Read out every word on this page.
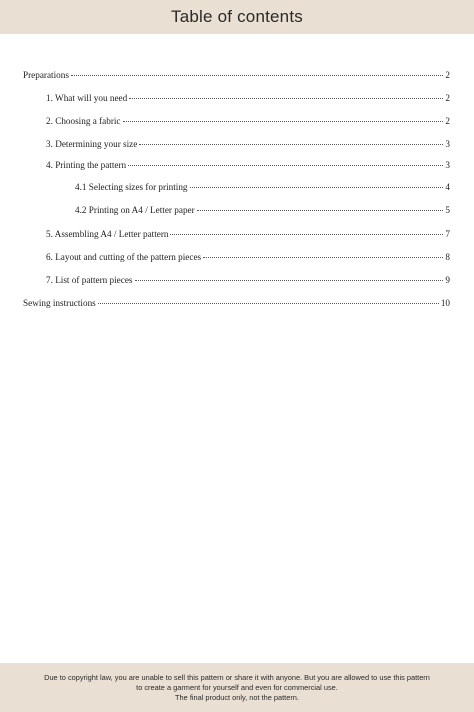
Table of contents
Preparations	2
1. What will you need	2
2. Choosing a fabric	2
3. Determining your size	3
4. Printing the pattern	3
4.1 Selecting sizes for printing	4
4.2 Printing on A4 / Letter paper	5
5. Assembling A4 / Letter pattern	7
6. Layout and cutting of the pattern pieces	8
7. List of pattern pieces	9
Sewing instructions	10
Due to copyright law, you are unable to sell this pattern or share it with anyone. But you are allowed to use this pattern
to create a garment for yourself and even for commercial use.
The final product only, not the pattern.
